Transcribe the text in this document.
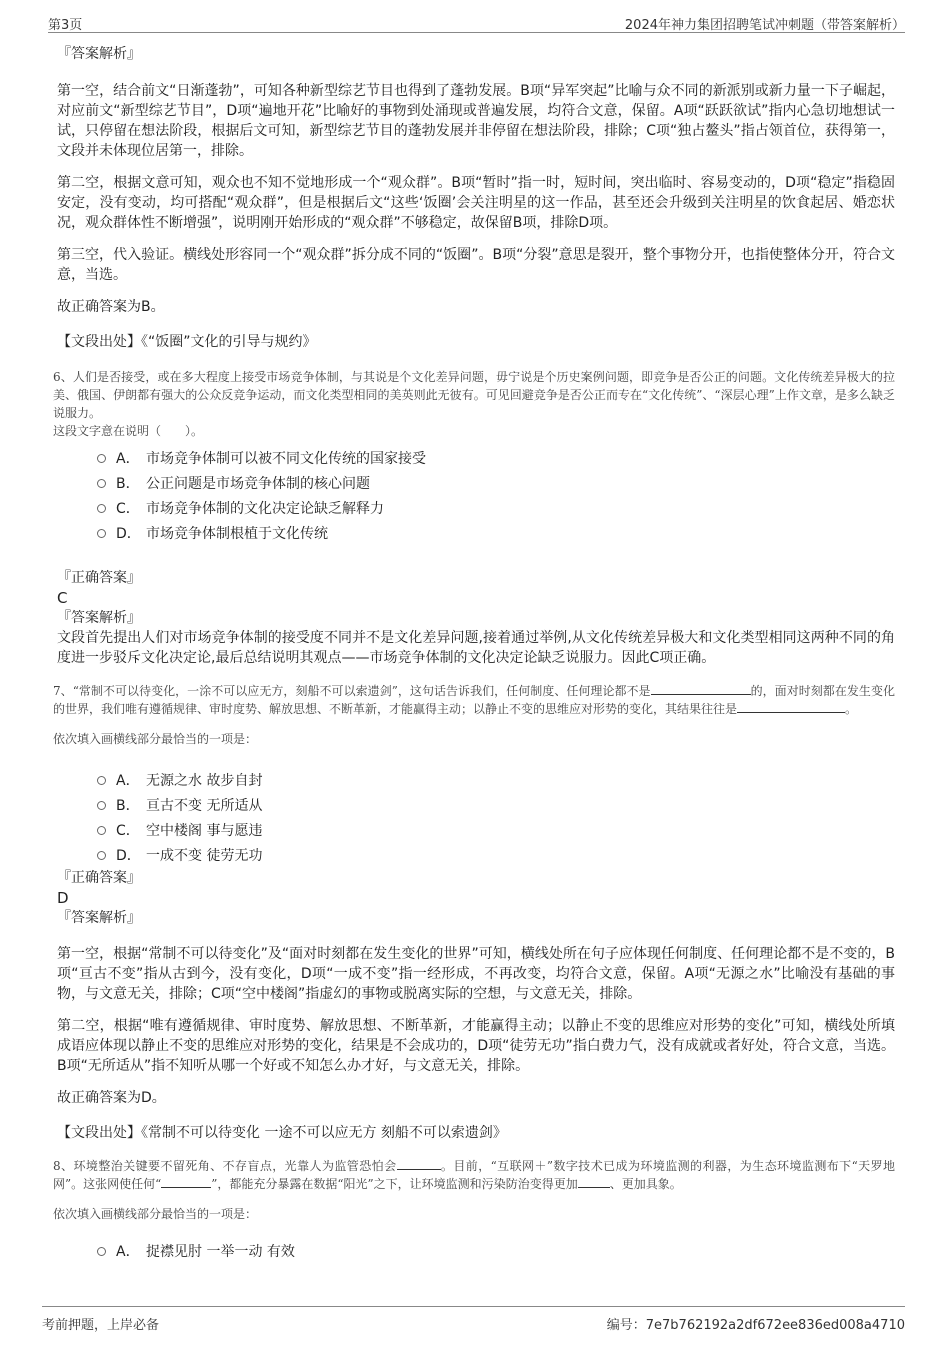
第3页	2024年神力集团招聘笔试冲刺题（带答案解析）
『答案解析』

第一空，结合前文“日渐蓬勃”，可知各种新型综艺节目也得到了蓬勃发展。B项“异军突起”比喻与众不同的新派别或新力量一下子崛起，对应前文“新型综艺节目”，D项“遍地开花”比喻好的事物到处涌现或普遍发展，均符合文意，保留。A项“跃跃欲试”指内心急切地想试一试，只停留在想法阶段，根据后文可知，新型综艺节目的蓬勃发展并非停留在想法阶段，排除；C项“独占鳌头”指占领首位，获得第一，文段并未体现位居第一，排除。

第二空，根据文意可知，观众也不知不觉地形成一个“观众群”。B项“暂时”指一时，短时间，突出临时、容易变动的，D项“稳定”指稳固安定，没有变动，均可搭配“观众群”，但是根据后文“这些‘饭圈’会关注明星的这一作品，甚至还会升级到关注明星的饮食起居、婚恋状况，观众群体性不断增强”，说明刚开始形成的“观众群”不够稳定，故保留B项，排除D项。

第三空，代入验证。横线处形容同一个“观众群”拆分成不同的“饭圈”。B项“分裂”意思是裂开，整个事物分开，也指使整体分开，符合文意，当选。

故正确答案为B。

【文段出处】《“饭圈”文化的引导与规约》

6、人们是否接受，或在多大程度上接受市场竞争体制，与其说是个文化差异问题，毋宁说是个历史案例问题，即竞争是否公正的问题。文化传统差异极大的拉美、俄国、伊朗都有强大的公众反竞争运动，而文化类型相同的美英则此无彼有。可见回避竞争是否公正而专在“文化传统”、“深层心理”上作文章，是多么缺乏说服力。

这段文字意在说明（　　）。

A． 市场竞争体制可以被不同文化传统的国家接受
B． 公正问题是市场竞争体制的核心问题
C． 市场竞争体制的文化决定论缺乏解释力
D． 市场竞争体制根植于文化传统
『正确答案』
C
『答案解析』

文段首先提出人们对市场竞争体制的接受度不同并不是文化差异问题,接着通过举例,从文化传统差异极大和文化类型相同这两种不同的角度进一步驳斥文化决定论,最后总结说明其观点——市场竞争体制的文化决定论缺乏说服力。因此C项正确。

7、“常制不可以待变化，一涂不可以应无方，刻船不可以索遗剑”，这句话告诉我们，任何制度、任何理论都不是	的，面对时刻都在发生变化的世界，我们唯有遵循规律、审时度势、解放思想、不断革新，才能赢得主动；以静止不变的思维应对形势的变化，其结果往往是	。

依次填入画横线部分最恰当的一项是：

A． 无源之水 故步自封
B． 亘古不变 无所适从
C． 空中楼阁 事与愿违
D． 一成不变 徒劳无功
『正确答案』
D
『答案解析』

第一空，根据“常制不可以待变化”及“面对时刻都在发生变化的世界”可知，横线处所在句子应体现任何制度、任何理论都不是不变的，B项“亘古不变”指从古到今，没有变化，D项“一成不变”指一经形成，不再改变，均符合文意，保留。A项“无源之水”比喻没有基础的事物，与文意无关，排除；C项“空中楼阁”指虚幻的事物或脱离实际的空想，与文意无关，排除。

第二空，根据“唯有遵循规律、审时度势、解放思想、不断革新，才能赢得主动；以静止不变的思维应对形势的变化”可知，横线处所填成语应体现以静止不变的思维应对形势的变化，结果是不会成功的，D项“徒劳无功”指白费力气，没有成就或者好处，符合文意，当选。B项“无所适从”指不知听从哪一个好或不知怎么办才好，与文意无关，排除。

故正确答案为D。

【文段出处】《常制不可以待变化 一途不可以应无方 刻船不可以索遗剑》

8、环境整治关键要不留死角、不存盲点，光靠人为监管恐怕会	。目前，“互联网＋”数字技术已成为环境监测的利器，为生态环境监测布下“天罗地网”。这张网使任何“	”，都能充分暴露在数据“阳光”之下，让环境监测和污染防治变得更加	、更加具象。

依次填入画横线部分最恰当的一项是：

A． 捉襟见肘 一举一动 有效
考前押题，上岸必备	编号：7e7b762192a2df672ee836ed008a4710
